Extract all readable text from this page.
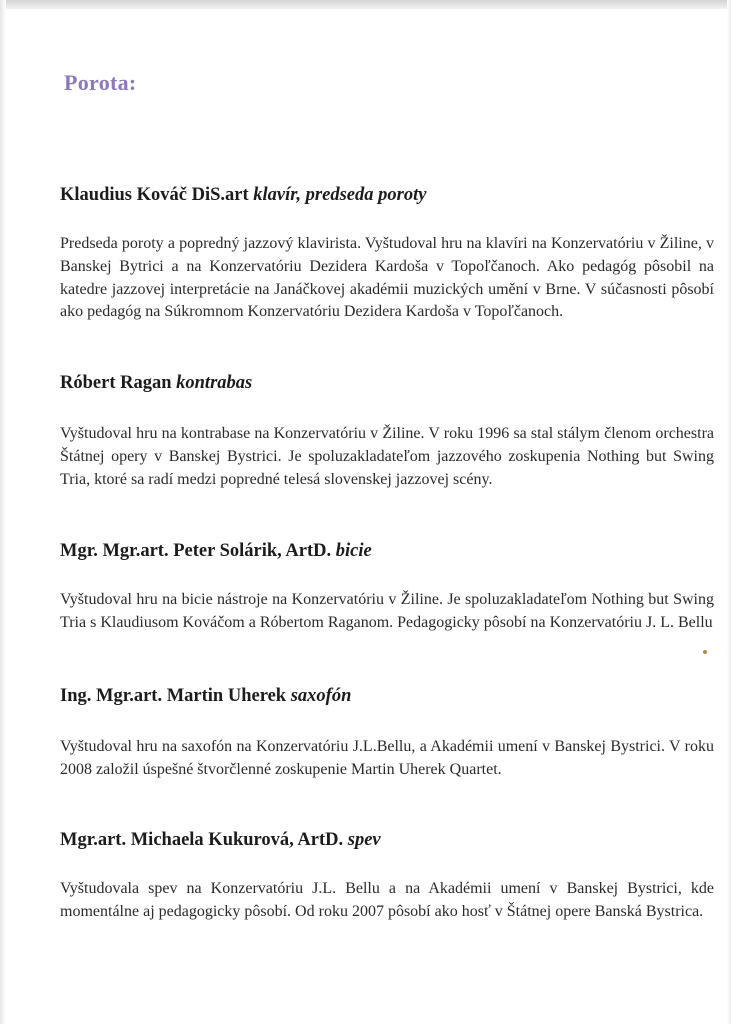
Porota:

Klaudius Kováč DiS.art klavír, predseda poroty

Predseda poroty a popredný jazzový klavirista. Vyštudoval hru na klavíri na Konzervatóriu v Žiline, v Banskej Bytrici a na Konzervatóriu Dezidera Kardoša v Topoľčanoch. Ako pedagóg pôsobil na katedre jazzovej interpretácie na Janáčkovej akadémii muzických umění v Brne. V súčasnosti pôsobí ako pedagóg na Súkromnom Konzervatóriu Dezidera Kardoša v Topoľčanoch.

Róbert Ragan kontrabas

Vyštudoval hru na kontrabase na Konzervatóriu v Žiline. V roku 1996 sa stal stálym členom orchestra Štátnej opery v Banskej Bystrici. Je spoluzakladateľom jazzového zoskupenia Nothing but Swing Tria, ktoré sa radí medzi popredné telesá slovenskej jazzovej scény.

Mgr. Mgr.art. Peter Solárik, ArtD. bicie

Vyštudoval hru na bicie nástroje na Konzervatóriu v Žiline. Je spoluzakladateľom Nothing but Swing Tria s Klaudiusom Kováčom a Róbertom Raganom. Pedagogicky pôsobí na Konzervatóriu J. L. Bellu

Ing. Mgr.art. Martin Uherek saxofón

Vyštudoval hru na saxofón na Konzervatóriu J.L.Bellu, a Akadémii umení v Banskej Bystrici. V roku 2008 založil úspešné štvorčlenné zoskupenie Martin Uherek Quartet.

Mgr.art. Michaela Kukurová, ArtD. spev

Vyštudovala spev na Konzervatóriu J.L. Bellu a na Akadémii umení v Banskej Bystrici, kde momentálne aj pedagogicky pôsobí. Od roku 2007 pôsobí ako hosť v Štátnej opere Banská Bystrica.
